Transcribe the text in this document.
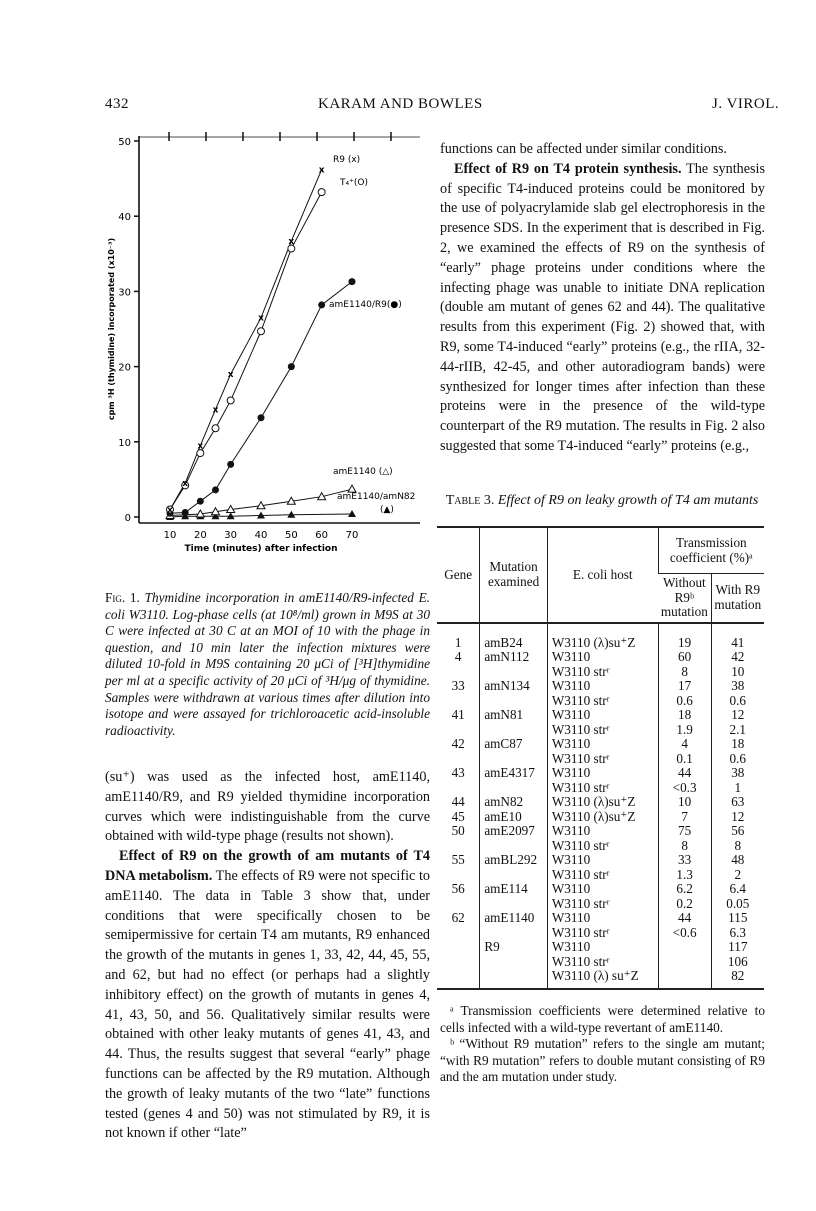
432	KARAM AND BOWLES	J. VIROL.
0
10
20
30
40
50
10 20 30 40 50 60 70
Time (minutes) after infection
cpm ³H (thymidine) incorporated (x10⁻³)
x
x
x
x
x
x
x
x
R9 (x)
T₄⁺(O)
amE1140/R9(●)
amE1140 (△)
amE1140/amN82
(▲)
Fig. 1. Thymidine incorporation in amE1140/R9-infected E. coli W3110. Log-phase cells (at 10⁸/ml) grown in M9S at 30 C were infected at 30 C at an MOI of 10 with the phage in question, and 10 min later the infection mixtures were diluted 10-fold in M9S containing 20 μCi of [³H]thymidine per ml at a specific activity of 20 μCi of ³H/μg of thymidine. Samples were withdrawn at various times after dilution into isotope and were assayed for trichloroacetic acid-insoluble radioactivity.

(su⁺) was used as the infected host, amE1140, amE1140/R9, and R9 yielded thymidine incorporation curves which were indistinguishable from the curve obtained with wild-type phage (results not shown).

Effect of R9 on the growth of am mutants of T4 DNA metabolism. The effects of R9 were not specific to amE1140. The data in Table 3 show that, under conditions that were specifically chosen to be semipermissive for certain T4 am mutants, R9 enhanced the growth of the mutants in genes 1, 33, 42, 44, 45, 55, and 62, but had no effect (or perhaps had a slightly inhibitory effect) on the growth of mutants in genes 4, 41, 43, 50, and 56. Qualitatively similar results were obtained with other leaky mutants of genes 41, 43, and 44. Thus, the results suggest that several “early” phage functions can be affected by the R9 mutation. Although the growth of leaky mutants of the two “late” functions tested (genes 4 and 50) was not stimulated by R9, it is not known if other “late”

functions can be affected under similar conditions.

Effect of R9 on T4 protein synthesis. The synthesis of specific T4-induced proteins could be monitored by the use of polyacrylamide slab gel electrophoresis in the presence SDS. In the experiment that is described in Fig. 2, we examined the effects of R9 on the synthesis of “early” phage proteins under conditions where the infecting phage was unable to initiate DNA replication (double am mutant of genes 62 and 44). The qualitative results from this experiment (Fig. 2) showed that, with R9, some T4-induced “early” proteins (e.g., the rIIA, 32-44-rIIB, 42-45, and other autoradiogram bands) were synthesized for longer times after infection than these proteins were in the presence of the wild-type counterpart of the R9 mutation. The results in Fig. 2 also suggested that some T4-induced “early” proteins (e.g.,

Table 3. Effect of R9 on leaky growth of T4 am mutants
Gene	Mutation examined	E. coli host	Transmission coefficient (%)ᵃ	
			Without R9ᵇ mutation	With R9 mutation
1	amB24	W3110 (λ)su⁺Z	19	41
4	amN112	W3110	60	42
		W3110 strʳ	8	10
33	amN134	W3110	17	38
		W3110 strʳ	0.6	0.6
41	amN81	W3110	18	12
		W3110 strʳ	1.9	2.1
42	amC87	W3110	4	18
		W3110 strʳ	0.1	0.6
43	amE4317	W3110	44	38
		W3110 strʳ	<0.3	1
44	amN82	W3110 (λ)su⁺Z	10	63
45	amE10	W3110 (λ)su⁺Z	7	12
50	amE2097	W3110	75	56
		W3110 strʳ	8	8
55	amBL292	W3110	33	48
		W3110 strʳ	1.3	2
56	amE114	W3110	6.2	6.4
		W3110 strʳ	0.2	0.05
62	amE1140	W3110	44	115
		W3110 strʳ	<0.6	6.3
	R9	W3110		117
		W3110 strʳ		106
		W3110 (λ) su⁺Z		82

ᵃ Transmission coefficients were determined relative to cells infected with a wild-type revertant of amE1140.

ᵇ “Without R9 mutation” refers to the single am mutant; “with R9 mutation” refers to double mutant consisting of R9 and the am mutation under study.
